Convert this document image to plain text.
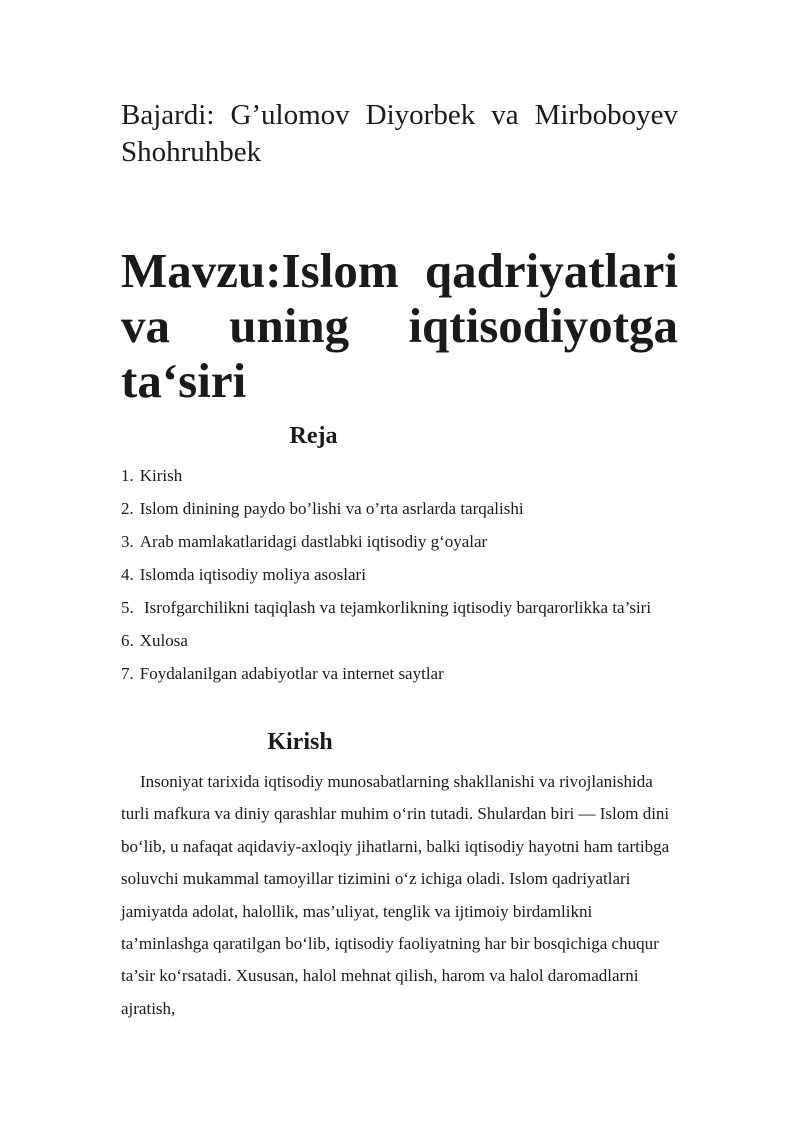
Bajardi: G’ulomov Diyorbek va Mirboboyev Shohruhbek
Mavzu:Islom qadriyatlari va uning iqtisodiyotga ta‘siri
Reja
1. Kirish
2. Islom dinining paydo bo’lishi va o’rta asrlarda tarqalishi
3. Arab mamlakatlaridagi dastlabki iqtisodiy g‘oyalar
4. Islomda iqtisodiy moliya asoslari
5. Isrofgarchilikni taqiqlash va tejamkorlikning iqtisodiy barqarorlikka ta’siri
6. Xulosa
7. Foydalanilgan adabiyotlar va internet saytlar
Kirish

Insoniyat tarixida iqtisodiy munosabatlarning shakllanishi va rivojlanishida turli mafkura va diniy qarashlar muhim o‘rin tutadi. Shulardan biri — Islom dini bo‘lib, u nafaqat aqidaviy-axloqiy jihatlarni, balki iqtisodiy hayotni ham tartibga soluvchi mukammal tamoyillar tizimini o‘z ichiga oladi. Islom qadriyatlari jamiyatda adolat, halollik, mas’uliyat, tenglik va ijtimoiy birdamlikni ta’minlashga qaratilgan bo‘lib, iqtisodiy faoliyatning har bir bosqichiga chuqur ta’sir ko‘rsatadi. Xususan, halol mehnat qilish, harom va halol daromadlarni ajratish,
